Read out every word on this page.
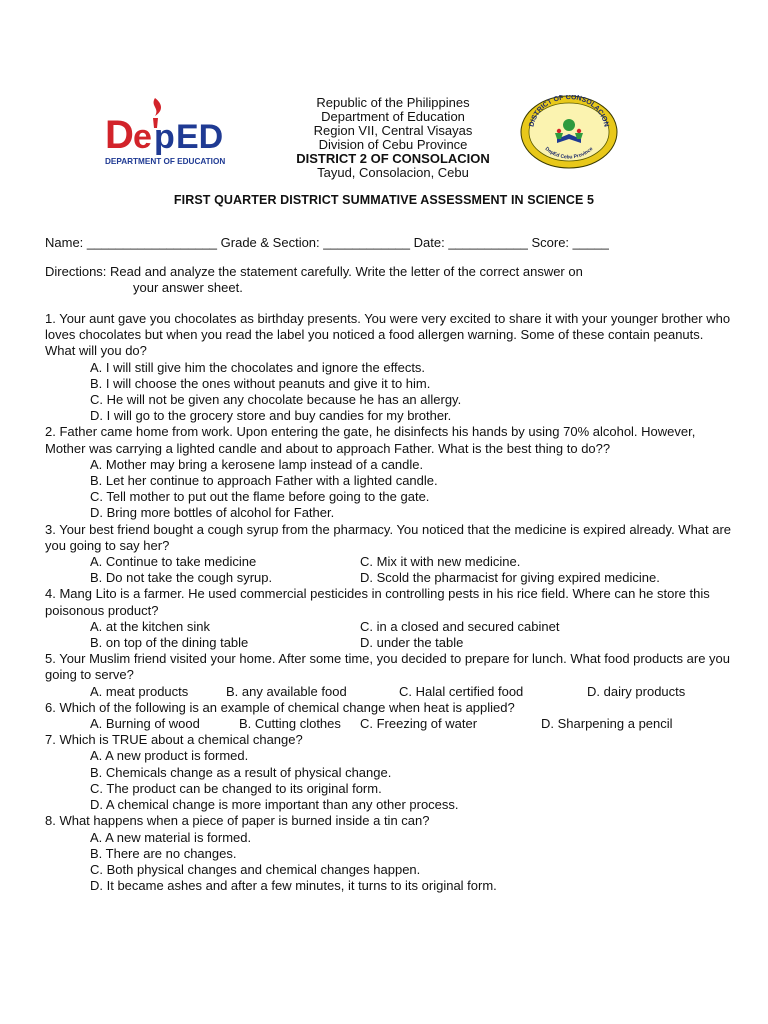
D e p ED
DEPARTMENT OF EDUCATION
Republic of the Philippines
Department of Education
Region VII, Central Visayas
Division of Cebu Province
DISTRICT 2 OF CONSOLACION
Tayud, Consolacion, Cebu
DISTRICT OF CONSOLACION
DepEd Cebu Province
FIRST QUARTER DISTRICT SUMMATIVE ASSESSMENT IN SCIENCE 5
Name: __________________ Grade & Section: ____________ Date: ___________ Score: _____
Directions: Read and analyze the statement carefully. Write the letter of the correct answer on
your answer sheet.
1. Your aunt gave you chocolates as birthday presents. You were very excited to share it with your younger brother who loves chocolates but when you read the label you noticed a food allergen warning. Some of these contain peanuts. What will you do?
A. I will still give him the chocolates and ignore the effects.
B. I will choose the ones without peanuts and give it to him.
C. He will not be given any chocolate because he has an allergy.
D. I will go to the grocery store and buy candies for my brother.
2. Father came home from work. Upon entering the gate, he disinfects his hands by using 70% alcohol. However, Mother was carrying a lighted candle and about to approach Father. What is the best thing to do??
A. Mother may bring a kerosene lamp instead of a candle.
B. Let her continue to approach Father with a lighted candle.
C. Tell mother to put out the flame before going to the gate.
D. Bring more bottles of alcohol for Father.
3. Your best friend bought a cough syrup from the pharmacy. You noticed that the medicine is expired already. What are you going to say her?
A. Continue to take medicine	C. Mix it with new medicine.
B. Do not take the cough syrup.	D. Scold the pharmacist for giving expired medicine.
4. Mang Lito is a farmer. He used commercial pesticides in controlling pests in his rice field. Where can he store this poisonous product?
A. at the kitchen sink	C. in a closed and secured cabinet
B. on top of the dining table	D. under the table
5. Your Muslim friend visited your home. After some time, you decided to prepare for lunch. What food products are you going to serve?
A. meat products	B. any available food	C. Halal certified food	D. dairy products
6. Which of the following is an example of chemical change when heat is applied?
A. Burning of wood	B. Cutting clothes	C. Freezing of water	D. Sharpening a pencil
7. Which is TRUE about a chemical change?
A. A new product is formed.
B. Chemicals change as a result of physical change.
C. The product can be changed to its original form.
D. A chemical change is more important than any other process.
8. What happens when a piece of paper is burned inside a tin can?
A. A new material is formed.
B. There are no changes.
C. Both physical changes and chemical changes happen.
D. It became ashes and after a few minutes, it turns to its original form.
